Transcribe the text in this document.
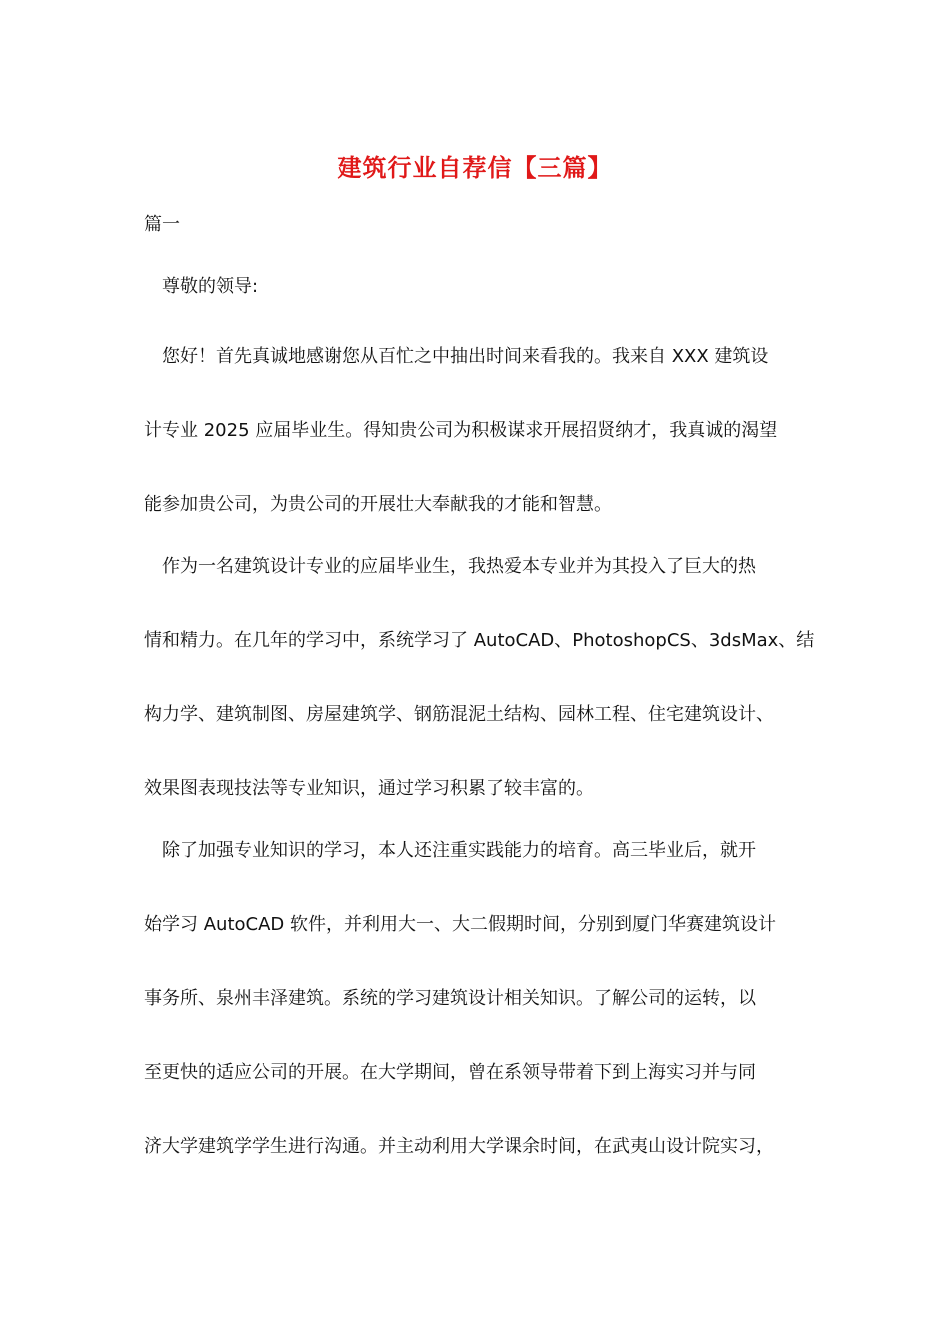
建筑行业自荐信【三篇】
篇一
　尊敬的领导:
　您好！首先真诚地感谢您从百忙之中抽出时间来看我的。我来自 XXX 建筑设
计专业 2025 应届毕业生。得知贵公司为积极谋求开展招贤纳才，我真诚的渴望
能参加贵公司，为贵公司的开展壮大奉献我的才能和智慧。
　作为一名建筑设计专业的应届毕业生，我热爱本专业并为其投入了巨大的热
情和精力。在几年的学习中，系统学习了 AutoCAD、PhotoshopCS、3dsMax、结
构力学、建筑制图、房屋建筑学、钢筋混泥土结构、园林工程、住宅建筑设计、
效果图表现技法等专业知识，通过学习积累了较丰富的。
　除了加强专业知识的学习，本人还注重实践能力的培育。高三毕业后，就开
始学习 AutoCAD 软件，并利用大一、大二假期时间，分别到厦门华赛建筑设计
事务所、泉州丰泽建筑。系统的学习建筑设计相关知识。了解公司的运转，以
至更快的适应公司的开展。在大学期间，曾在系领导带着下到上海实习并与同
济大学建筑学学生进行沟通。并主动利用大学课余时间，在武夷山设计院实习，
